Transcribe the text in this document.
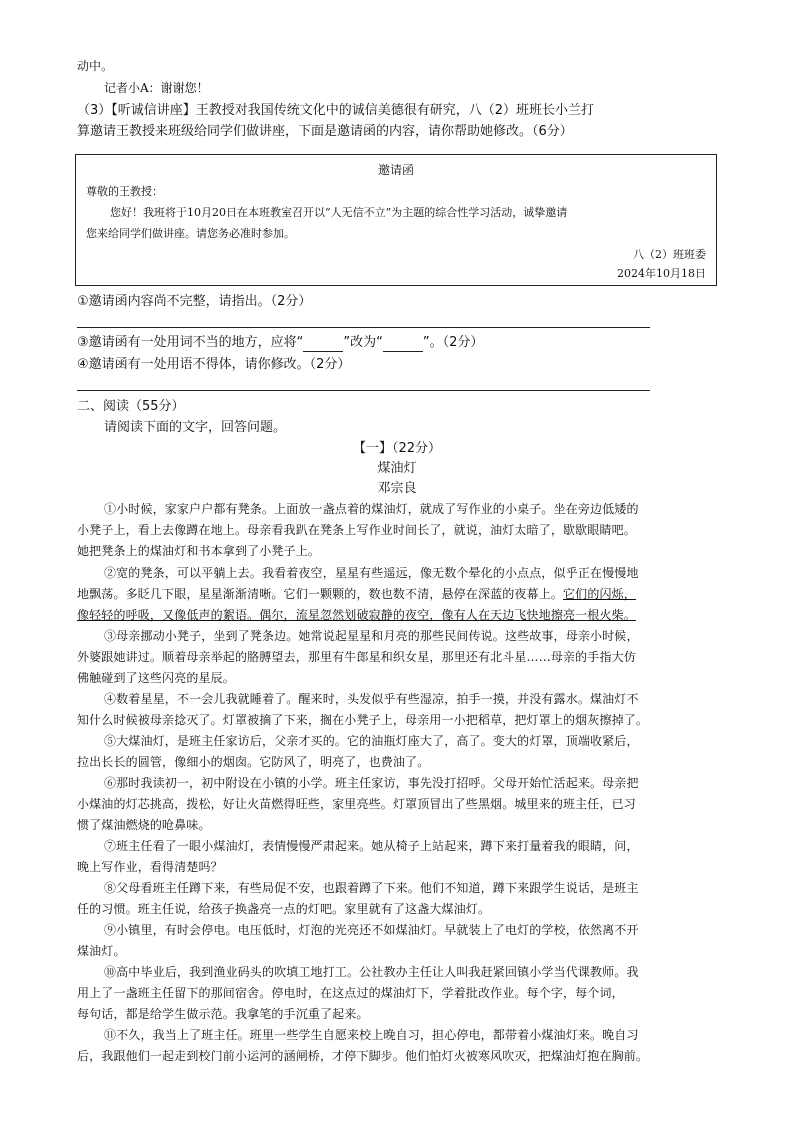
动中。
记者小A：谢谢您！
（3）【听诚信讲座】王教授对我国传统文化中的诚信美德很有研究，八（2）班班长小兰打
算邀请王教授来班级给同学们做讲座，下面是邀请函的内容，请你帮助她修改。（6分）
邀请函
尊敬的王教授：
您好！我班将于10月20日在本班教室召开以“人无信不立”为主题的综合性学习活动，诚挚邀请
您来给同学们做讲座。请您务必准时参加。
八（2）班班委
2024年10月18日
①邀请函内容尚不完整，请指出。（2分）
③邀请函有一处用词不当的地方，应将“	”改为“	”。（2分）
④邀请函有一处用语不得体，请你修改。（2分）
二、阅读（55分）
请阅读下面的文字，回答问题。
【一】（22分）
煤油灯
邓宗良
①小时候，家家户户都有凳条。上面放一盏点着的煤油灯，就成了写作业的小桌子。坐在旁边低矮的
小凳子上，看上去像蹲在地上。母亲看我趴在凳条上写作业时间长了，就说，油灯太暗了，歇歇眼睛吧。
她把凳条上的煤油灯和书本拿到了小凳子上。
②宽的凳条，可以平躺上去。我看着夜空，星星有些遥远，像无数个晕化的小点点，似乎正在慢慢地
地飘荡。多眨几下眼，星星渐渐清晰。它们一颗颗的，数也数不清，悬停在深蓝的夜幕上。它们的闪烁，
像轻轻的呼吸，又像低声的絮语。偶尔，流星忽然划破寂静的夜空，像有人在天边飞快地擦亮一根火柴。
③母亲挪动小凳子，坐到了凳条边。她常说起星星和月亮的那些民间传说。这些故事，母亲小时候，
外婆跟她讲过。顺着母亲举起的胳膊望去，那里有牛郎星和织女星，那里还有北斗星……母亲的手指大仿
佛触碰到了这些闪亮的星辰。
④数着星星，不一会儿我就睡着了。醒来时，头发似乎有些湿凉，拍手一摸，并没有露水。煤油灯不
知什么时候被母亲捻灭了。灯罩被摘了下来，搁在小凳子上，母亲用一小把稻草，把灯罩上的烟灰擦掉了。
⑤大煤油灯，是班主任家访后，父亲才买的。它的油瓶灯座大了，高了。变大的灯罩，顶端收紧后，
拉出长长的圆管，像细小的烟囱。它防风了，明亮了，也费油了。
⑥那时我读初一，初中附设在小镇的小学。班主任家访，事先没打招呼。父母开始忙活起来。母亲把
小煤油的灯芯挑高，拨松，好让火苗燃得旺些，家里亮些。灯罩顶冒出了些黑烟。城里来的班主任，已习
惯了煤油燃烧的呛鼻味。
⑦班主任看了一眼小煤油灯，表情慢慢严肃起来。她从椅子上站起来，蹲下来打量着我的眼睛，问，
晚上写作业，看得清楚吗？
⑧父母看班主任蹲下来，有些局促不安，也跟着蹲了下来。他们不知道，蹲下来跟学生说话，是班主
任的习惯。班主任说，给孩子换盏亮一点的灯吧。家里就有了这盏大煤油灯。
⑨小镇里，有时会停电。电压低时，灯泡的光亮还不如煤油灯。早就装上了电灯的学校，依然离不开
煤油灯。
⑩高中毕业后，我到渔业码头的吹填工地打工。公社教办主任让人叫我赶紧回镇小学当代课教师。我
用上了一盏班主任留下的那间宿舍。停电时，在这点过的煤油灯下，学着批改作业。每个字，每个词，
每句话，都是给学生做示范。我拿笔的手沉重了起来。
⑪不久，我当上了班主任。班里一些学生自愿来校上晚自习，担心停电，都带着小煤油灯来。晚自习
后，我跟他们一起走到校门前小运河的涵闸桥，才停下脚步。他们怕灯火被寒风吹灭，把煤油灯抱在胸前。
